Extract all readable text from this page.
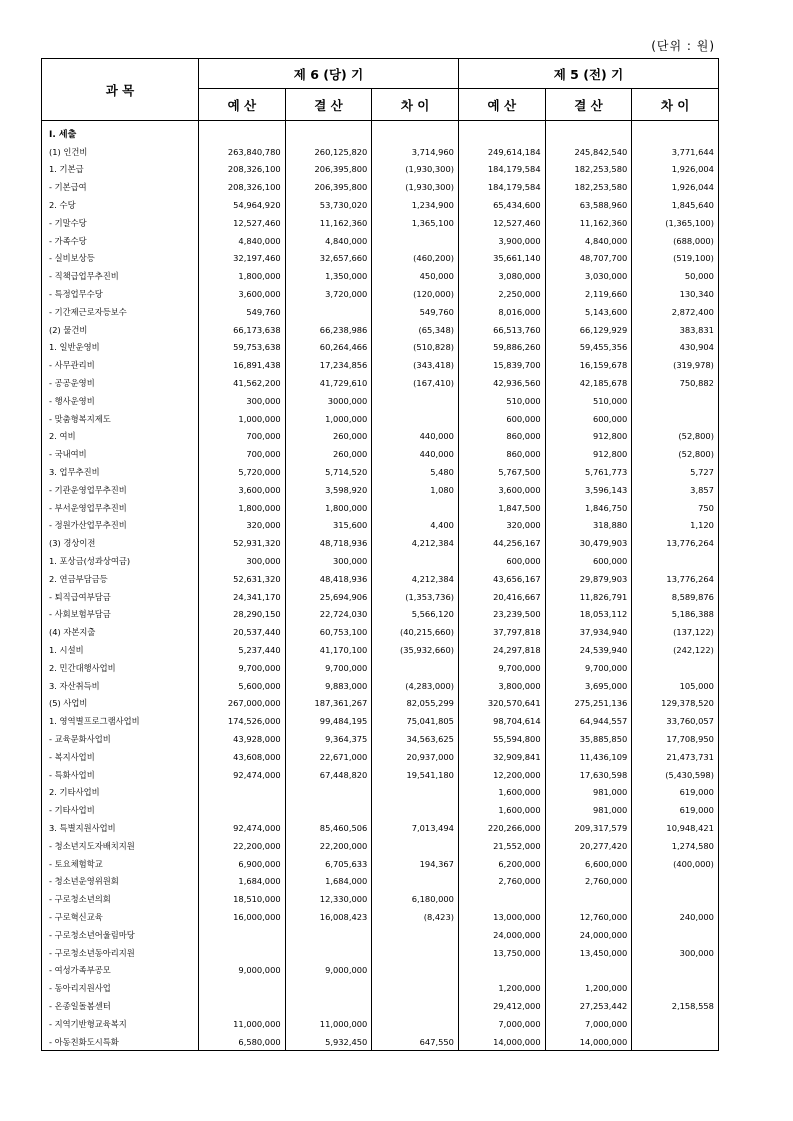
(단위 : 원)
과 목	제 6 (당) 기			제 5 (전) 기		
	예 산	결 산	차 이	예 산	결 산	차 이
Ⅰ. 세출						
(1) 인건비	263,840,780	260,125,820	3,714,960	249,614,184	245,842,540	3,771,644
1. 기본급	208,326,100	206,395,800	(1,930,300)	184,179,584	182,253,580	1,926,004
- 기본급여	208,326,100	206,395,800	(1,930,300)	184,179,584	182,253,580	1,926,044
2. 수당	54,964,920	53,730,020	1,234,900	65,434,600	63,588,960	1,845,640
- 기말수당	12,527,460	11,162,360	1,365,100	12,527,460	11,162,360	(1,365,100)
- 가족수당	4,840,000	4,840,000		3,900,000	4,840,000	(688,000)
- 실비보상등	32,197,460	32,657,660	(460,200)	35,661,140	48,707,700	(519,100)
- 직책급업무추진비	1,800,000	1,350,000	450,000	3,080,000	3,030,000	50,000
- 특정업무수당	3,600,000	3,720,000	(120,000)	2,250,000	2,119,660	130,340
- 기간제근로자등보수	549,760		549,760	8,016,000	5,143,600	2,872,400
(2) 물건비	66,173,638	66,238,986	(65,348)	66,513,760	66,129,929	383,831
1. 일반운영비	59,753,638	60,264,466	(510,828)	59,886,260	59,455,356	430,904
- 사무관리비	16,891,438	17,234,856	(343,418)	15,839,700	16,159,678	(319,978)
- 공공운영비	41,562,200	41,729,610	(167,410)	42,936,560	42,185,678	750,882
- 행사운영비	300,000	3000,000		510,000	510,000	
- 맞춤형복지제도	1,000,000	1,000,000		600,000	600,000	
2. 여비	700,000	260,000	440,000	860,000	912,800	(52,800)
- 국내여비	700,000	260,000	440,000	860,000	912,800	(52,800)
3. 업무추진비	5,720,000	5,714,520	5,480	5,767,500	5,761,773	5,727
- 기관운영업무추진비	3,600,000	3,598,920	1,080	3,600,000	3,596,143	3,857
- 부서운영업무추진비	1,800,000	1,800,000		1,847,500	1,846,750	750
- 정원가산업무추진비	320,000	315,600	4,400	320,000	318,880	1,120
(3) 경상이전	52,931,320	48,718,936	4,212,384	44,256,167	30,479,903	13,776,264
1. 포상금(성과상여금)	300,000	300,000		600,000	600,000	
2. 연금부담금등	52,631,320	48,418,936	4,212,384	43,656,167	29,879,903	13,776,264
- 퇴직급여부담금	24,341,170	25,694,906	(1,353,736)	20,416,667	11,826,791	8,589,876
- 사회보험부담금	28,290,150	22,724,030	5,566,120	23,239,500	18,053,112	5,186,388
(4) 자본지출	20,537,440	60,753,100	(40,215,660)	37,797,818	37,934,940	(137,122)
1. 시설비	5,237,440	41,170,100	(35,932,660)	24,297,818	24,539,940	(242,122)
2. 민간대행사업비	9,700,000	9,700,000		9,700,000	9,700,000	
3. 자산취득비	5,600,000	9,883,000	(4,283,000)	3,800,000	3,695,000	105,000
(5) 사업비	267,000,000	187,361,267	82,055,299	320,570,641	275,251,136	129,378,520
1. 영역별프로그램사업비	174,526,000	99,484,195	75,041,805	98,704,614	64,944,557	33,760,057
- 교육문화사업비	43,928,000	9,364,375	34,563,625	55,594,800	35,885,850	17,708,950
- 복지사업비	43,608,000	22,671,000	20,937,000	32,909,841	11,436,109	21,473,731
- 특화사업비	92,474,000	67,448,820	19,541,180	12,200,000	17,630,598	(5,430,598)
2. 기타사업비				1,600,000	981,000	619,000
- 기타사업비				1,600,000	981,000	619,000
3. 특별지원사업비	92,474,000	85,460,506	7,013,494	220,266,000	209,317,579	10,948,421
- 청소년지도자배치지원	22,200,000	22,200,000		21,552,000	20,277,420	1,274,580
- 토요체험학교	6,900,000	6,705,633	194,367	6,200,000	6,600,000	(400,000)
- 청소년운영위원회	1,684,000	1,684,000		2,760,000	2,760,000	
- 구로청소년의회	18,510,000	12,330,000	6,180,000			
- 구로혁신교육	16,000,000	16,008,423	(8,423)	13,000,000	12,760,000	240,000
- 구로청소년어울림마당				24,000,000	24,000,000	
- 구로청소년동아리지원				13,750,000	13,450,000	300,000
- 여성가족부공모	9,000,000	9,000,000				
- 동아리지원사업				1,200,000	1,200,000	
- 온종일돌봄센터				29,412,000	27,253,442	2,158,558
- 지역기반형교육복지	11,000,000	11,000,000		7,000,000	7,000,000	
- 아동친화도시특화	6,580,000	5,932,450	647,550	14,000,000	14,000,000	
